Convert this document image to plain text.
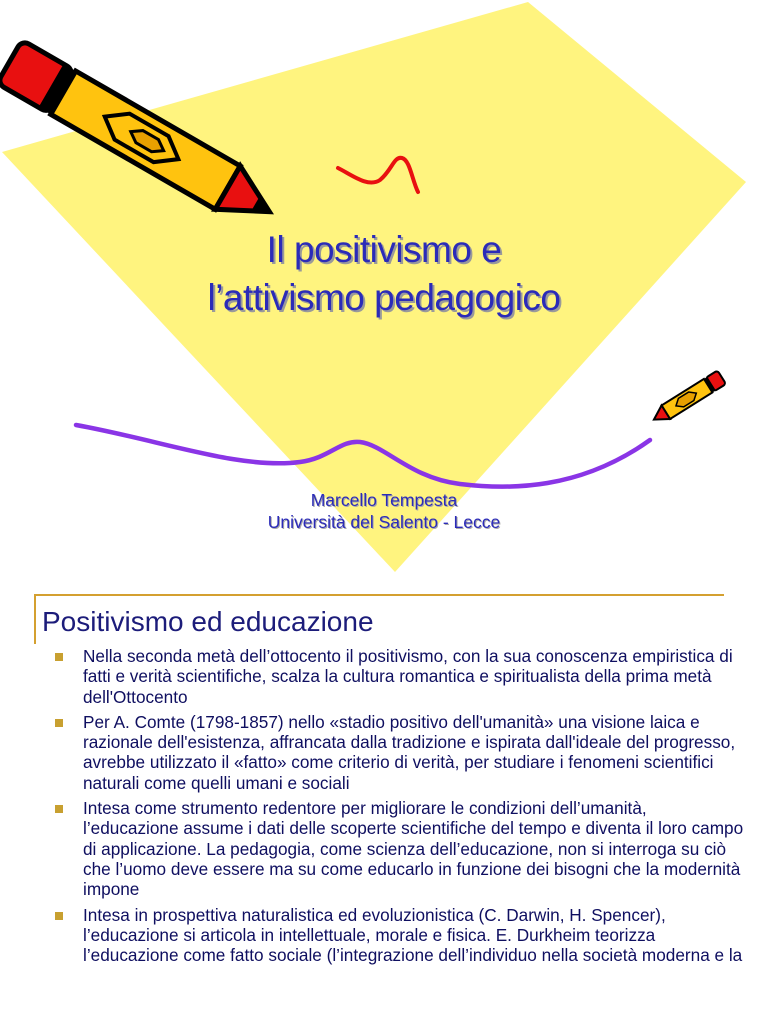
Il positivismo e
l’attivismo pedagogico
Marcello Tempesta
Università del Salento - Lecce
Positivismo ed educazione
Nella seconda metà dell’ottocento il positivismo, con la sua conoscenza empiristica di fatti e verità scientifiche, scalza la cultura romantica e spiritualista della prima metà dell'Ottocento
Per A. Comte (1798-1857) nello «stadio positivo dell'umanità» una visione laica e razionale dell'esistenza, affrancata dalla tradizione e ispirata dall'ideale del progresso, avrebbe utilizzato il «fatto» come criterio di verità, per studiare i fenomeni scientifici naturali come quelli umani e sociali
Intesa come strumento redentore per migliorare le condizioni dell’umanità, l’educazione assume i dati delle scoperte scientifiche del tempo e diventa il loro campo di applicazione. La pedagogia, come scienza dell’educazione, non si interroga su ciò che l’uomo deve essere ma su come educarlo in funzione dei bisogni che la modernità impone
Intesa in prospettiva naturalistica ed evoluzionistica (C. Darwin, H. Spencer), l’educazione si articola in intellettuale, morale e fisica. E. Durkheim teorizza l’educazione come fatto sociale (l’integrazione dell’individuo nella società moderna e la
